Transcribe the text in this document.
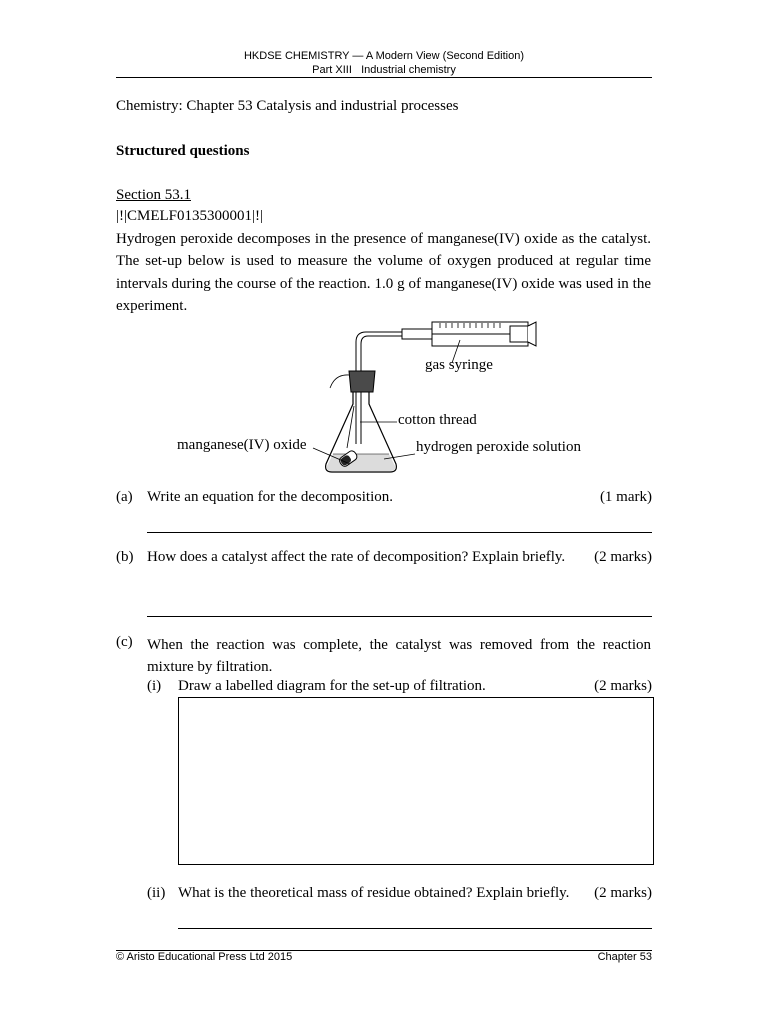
HKDSE CHEMISTRY — A Modern View (Second Edition)
Part XIII   Industrial chemistry
Chemistry: Chapter 53 Catalysis and industrial processes
Structured questions
Section 53.1
|!|CMELF0135300001|!|
Hydrogen peroxide decomposes in the presence of manganese(IV) oxide as the catalyst. The set-up below is used to measure the volume of oxygen produced at regular time intervals during the course of the reaction. 1.0 g of manganese(IV) oxide was used in the experiment.
gas syringe
cotton thread
manganese(IV) oxide	hydrogen peroxide solution
(a) Write an equation for the decomposition.	(1 mark)
(b) How does a catalyst affect the rate of decomposition? Explain briefly. (2 marks)
(c) When the reaction was complete, the catalyst was removed from the reaction mixture by filtration.
(i) Draw a labelled diagram for the set-up of filtration.	(2 marks)
(ii) What is the theoretical mass of residue obtained? Explain briefly. (2 marks)
© Aristo Educational Press Ltd 2015	Chapter 53
